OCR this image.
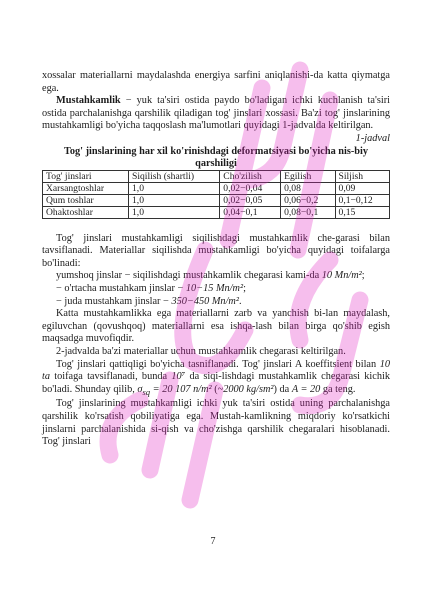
xossalar materiallarni maydalashda energiya sarfini aniqlanishi-da katta qiymatga ega.

Mustahkamlik − yuk ta'siri ostida paydo bo'ladigan ichki kuchlanish ta'siri ostida parchalanishga qarshilik qiladigan tog' jinslari xossasi. Ba'zi tog' jinslarining mustahkamligi bo'yicha taqqoslash ma'lumotlari quyidagi 1-jadvalda keltirilgan.

1-jadval

Tog' jinslarining har xil ko'rinishdagi deformatsiyasi bo'yicha nis-biy qarshiligi

Tog' jinslari	Siqilish (shartli)	Cho'zilish	Egilish	Siljish
Xarsangtoshlar	1,0	0,02−0,04	0,08	0,09
Qum toshlar	1,0	0,02−0,05	0,06−0,2	0,1−0,12
Ohaktoshlar	1,0	0,04−0,1	0,08−0,1	0,15

Tog' jinslari mustahkamligi siqilishdagi mustahkamlik che-garasi bilan tavsiflanadi. Materiallar siqilishda mustahkamligi bo'yicha quyidagi toifalarga bo'linadi:

yumshoq jinslar − siqilishdagi mustahkamlik chegarasi kami-da 10 Mn/m²;

− o'rtacha mustahkam jinslar − 10−15 Mn/m²;

− juda mustahkam jinslar − 350−450 Mn/m².

Katta mustahkamlikka ega materiallarni zarb va yanchish bi-lan maydalash, egiluvchan (qovushqoq) materiallarni esa ishqa-lash bilan birga qo'shib egish maqsadga muvofiqdir.

2-jadvalda ba'zi materiallar uchun mustahkamlik chegarasi keltirilgan.

Tog' jinslari qattiqligi bo'yicha tasniflanadi. Tog' jinslari A koeffitsient bilan 10 ta toifaga tavsiflanadi, bunda 10⁷ da siqi-lishdagi mustahkamlik chegarasi kichik bo'ladi. Shunday qilib, $\sigma_{sq} = 20$ 107 n/m² (~2000 kg/sm²) da A = 20 ga teng.

Tog' jinslarining mustahkamligi ichki yuk ta'siri ostida uning parchalanishga qarshilik ko'rsatish qobiliyatiga ega. Mustah-kamlikning miqdoriy ko'rsatkichi jinslarni parchalanishida si-qish va cho'zishga qarshilik chegaralari hisoblanadi. Tog' jinslari

7
